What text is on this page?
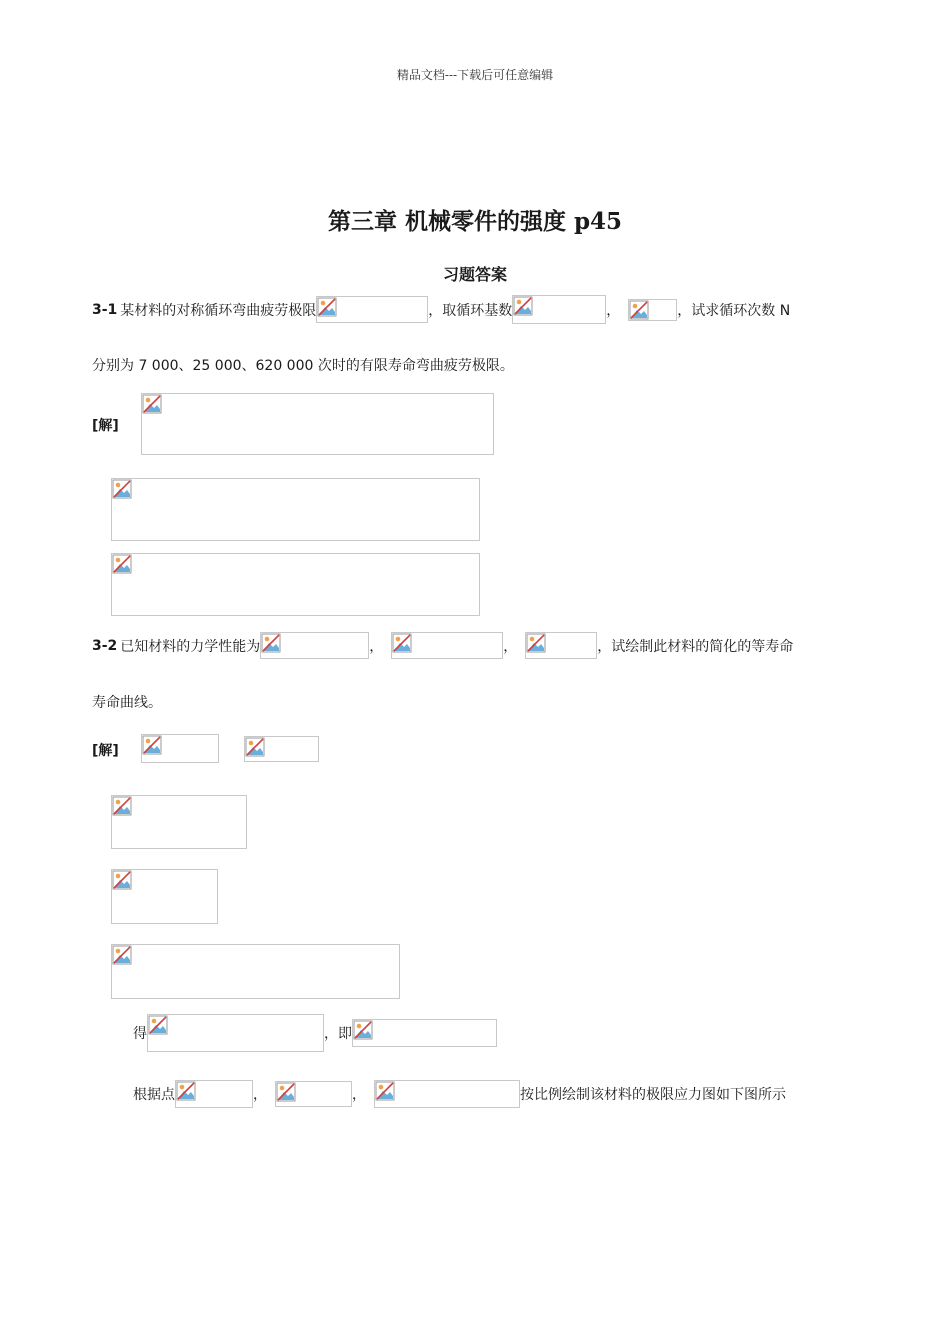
精品文档---下载后可任意编辑
第三章 机械零件的强度 p45
习题答案
3-1 某材料的对称循环弯曲疲劳极限	，取循环基数	，	，试求循环次数 N
分别为 7 000、25 000、620 000 次时的有限寿命弯曲疲劳极限。
[解]
3-2 已知材料的力学性能为	，	，	，试绘制此材料的简化的等寿命
寿命曲线。
[解]
得	，即
根据点	，	，	按比例绘制该材料的极限应力图如下图所示
